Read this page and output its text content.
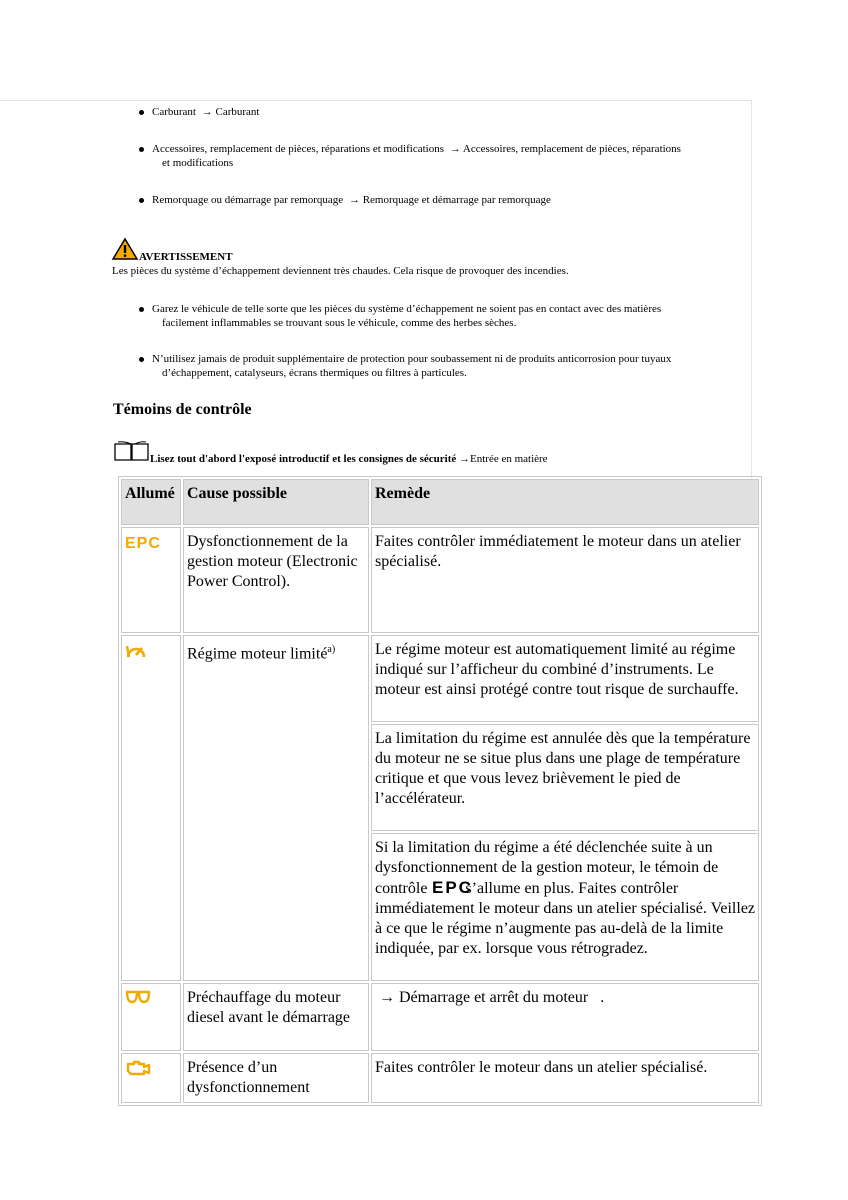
Carburant → Carburant
Accessoires, remplacement de pièces, réparations et modifications → Accessoires, remplacement de pièces, réparations
et modifications
Remorquage ou démarrage par remorquage → Remorquage et démarrage par remorquage
AVERTISSEMENT
Les pièces du système d’échappement deviennent très chaudes. Cela risque de provoquer des incendies.
Garez le véhicule de telle sorte que les pièces du système d’échappement ne soient pas en contact avec des matières
facilement inflammables se trouvant sous le véhicule, comme des herbes sèches.
N’utilisez jamais de produit supplémentaire de protection pour soubassement ni de produits anticorrosion pour tuyaux
d’échappement, catalyseurs, écrans thermiques ou filtres à particules.
Témoins de contrôle
Lisez tout d'abord l'exposé introductif et les consignes de sécurité →Entrée en matière
Allumé	Cause possible	Remède

EPC	Dysfonctionnement de la gestion moteur (Electronic Power Control).	Faites contrôler immédiatement le moteur dans un atelier spécialisé.
	Régime moteur limité$^{a)}$	Le régime moteur est automatiquement limité au régime indiqué sur l’afficheur du combiné d’instruments. Le moteur est ainsi protégé contre tout risque de surchauffe.
		La limitation du régime est annulée dès que la température du moteur ne se situe plus dans une plage de température critique et que vous levez brièvement le pied de l’accélérateur.
		Si la limitation du régime a été déclenchée suite à un dysfonctionnement de la gestion moteur, le témoin de contrôle EPC
s’allume en plus. Faites contrôler immédiatement le moteur dans un atelier spécialisé. Veillez à ce que le régime n’augmente pas au-delà de la limite indiquée, par ex. lorsque vous rétrogradez.
	Préchauffage du moteur diesel avant le démarrage	→ Démarrage et arrêt du moteur   .
	Présence d’un dysfonctionnement	Faites contrôler le moteur dans un atelier spécialisé.
